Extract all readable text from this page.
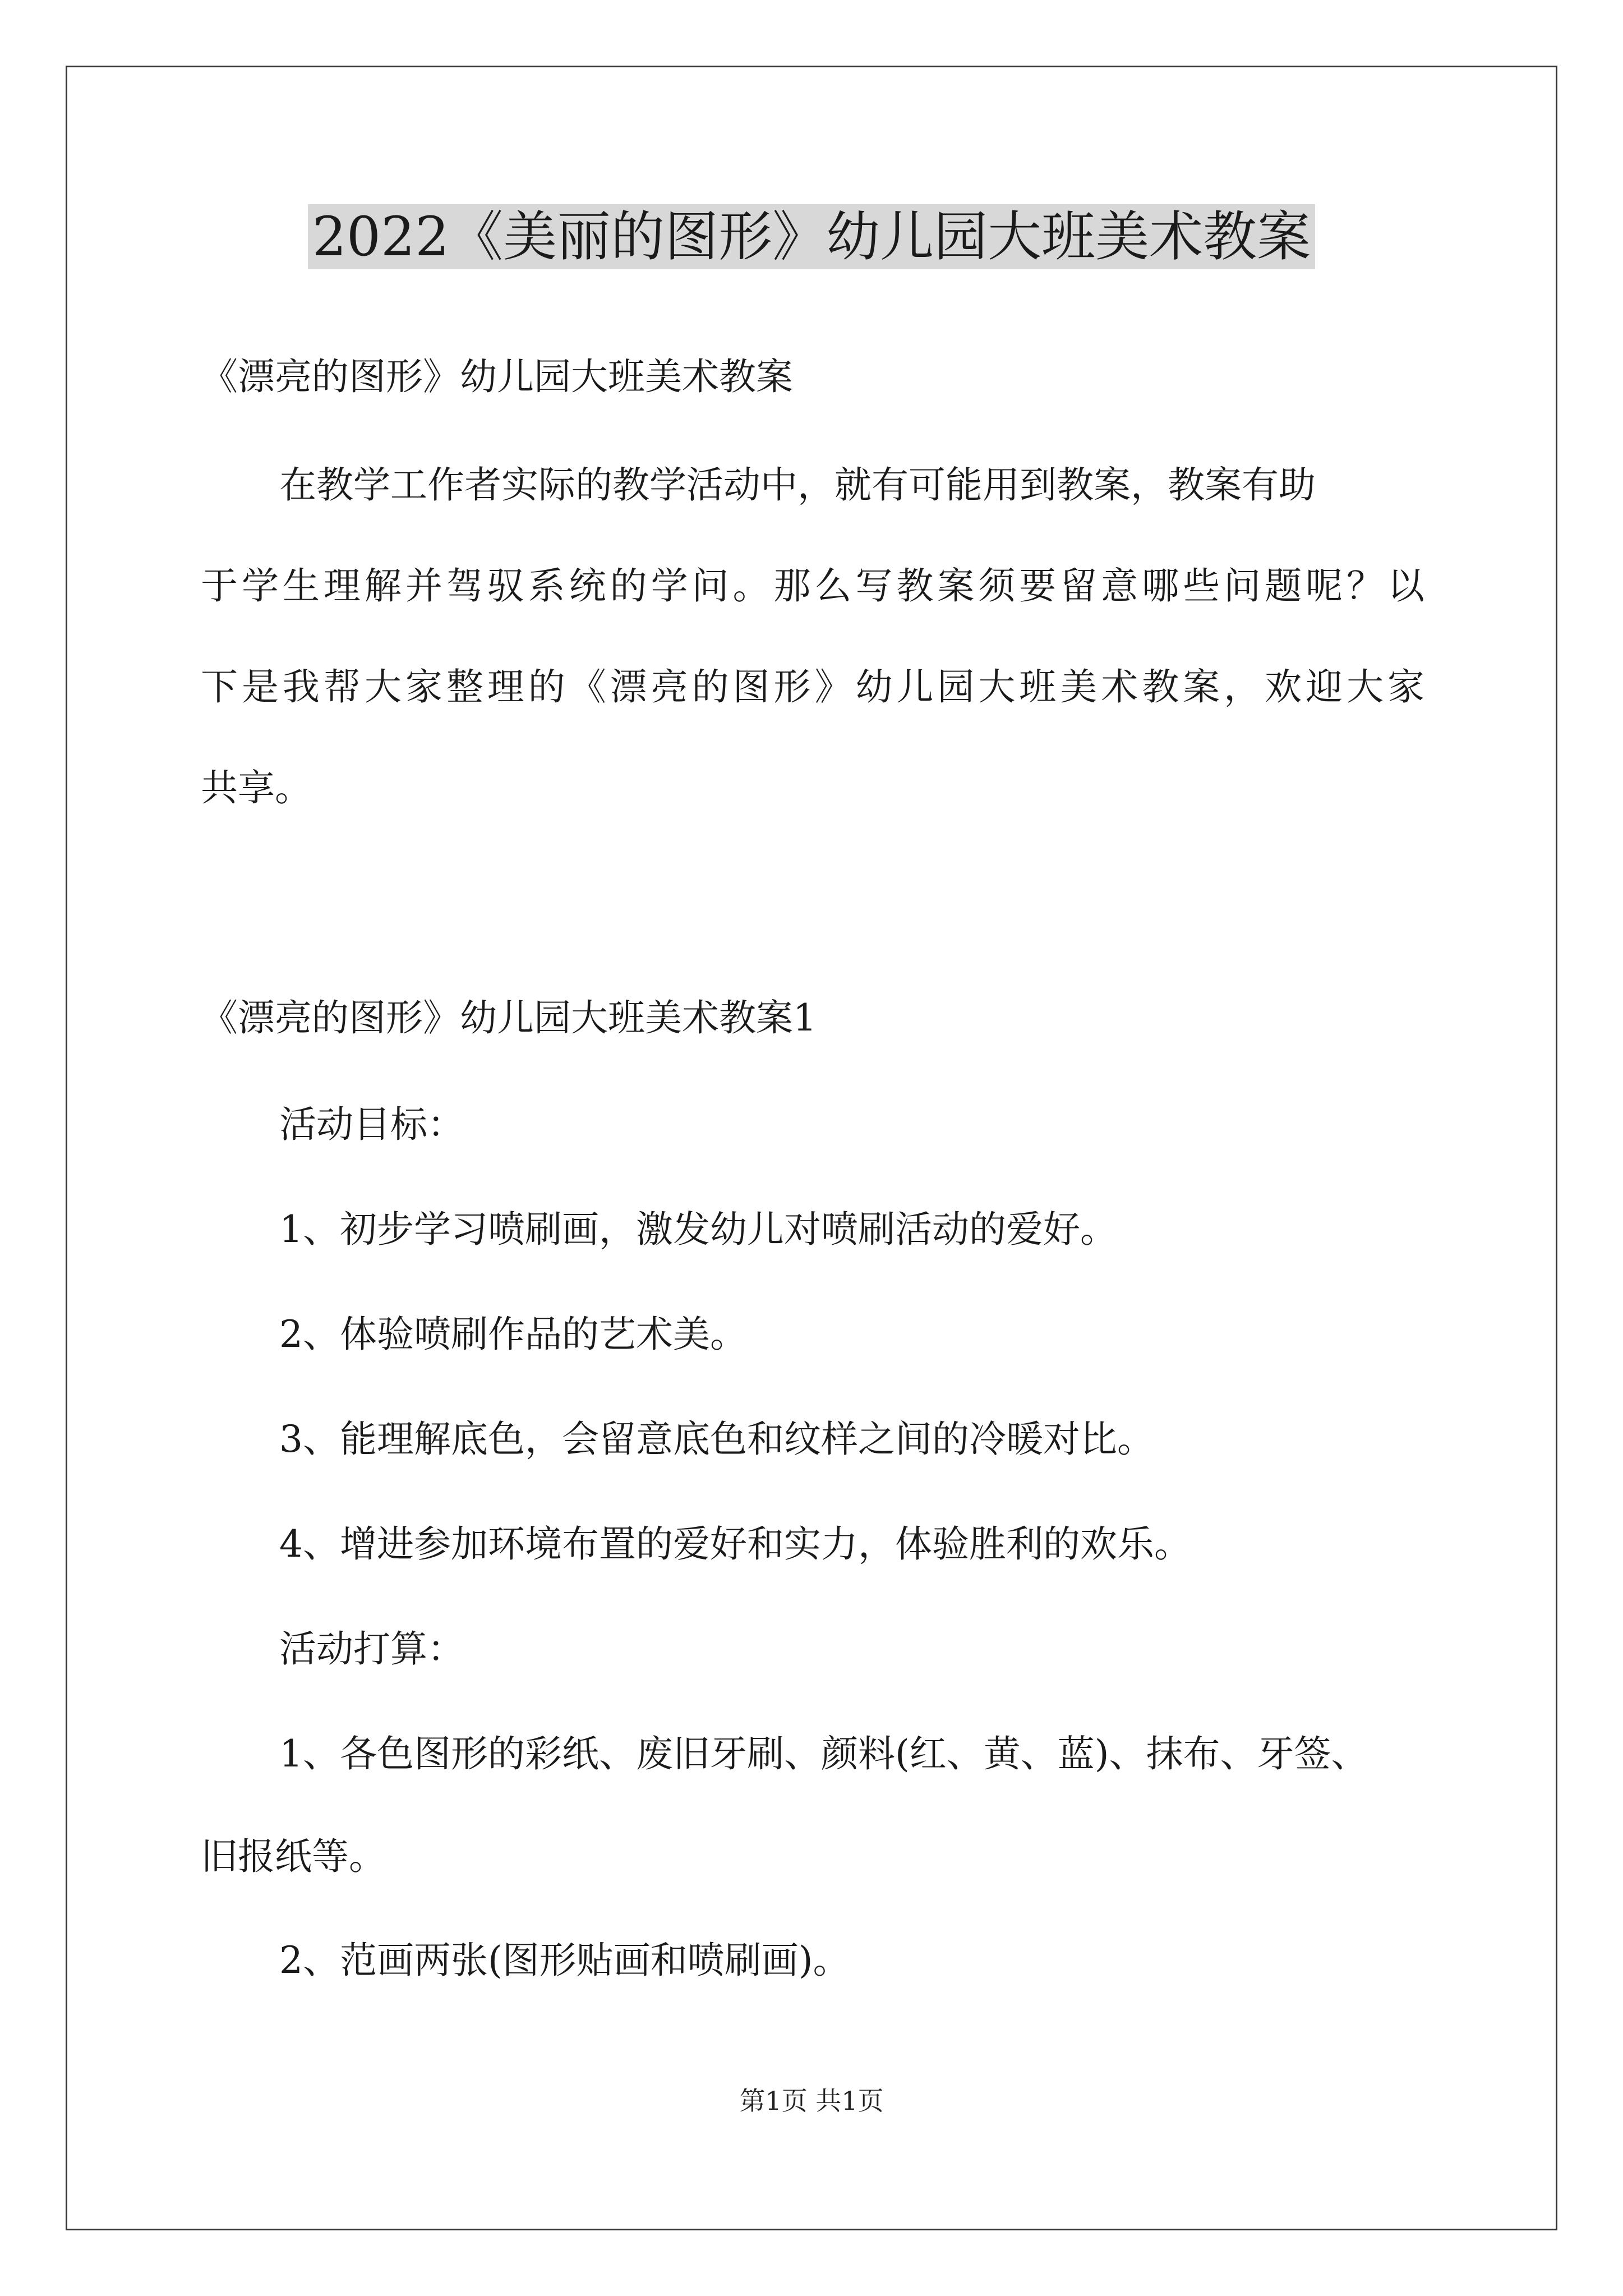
2022《美丽的图形》幼儿园大班美术教案
《漂亮的图形》幼儿园大班美术教案
在教学工作者实际的教学活动中，就有可能用到教案，教案有助
于学生理解并驾驭系统的学问。那么写教案须要留意哪些问题呢？以
下是我帮大家整理的《漂亮的图形》幼儿园大班美术教案，欢迎大家
共享。
《漂亮的图形》幼儿园大班美术教案1
活动目标：
1、初步学习喷刷画，激发幼儿对喷刷活动的爱好。
2、体验喷刷作品的艺术美。
3、能理解底色，会留意底色和纹样之间的冷暖对比。
4、增进参加环境布置的爱好和实力，体验胜利的欢乐。
活动打算：
1、各色图形的彩纸、废旧牙刷、颜料(红、黄、蓝)、抹布、牙签、
旧报纸等。
2、范画两张(图形贴画和喷刷画)。
第1页 共1页
